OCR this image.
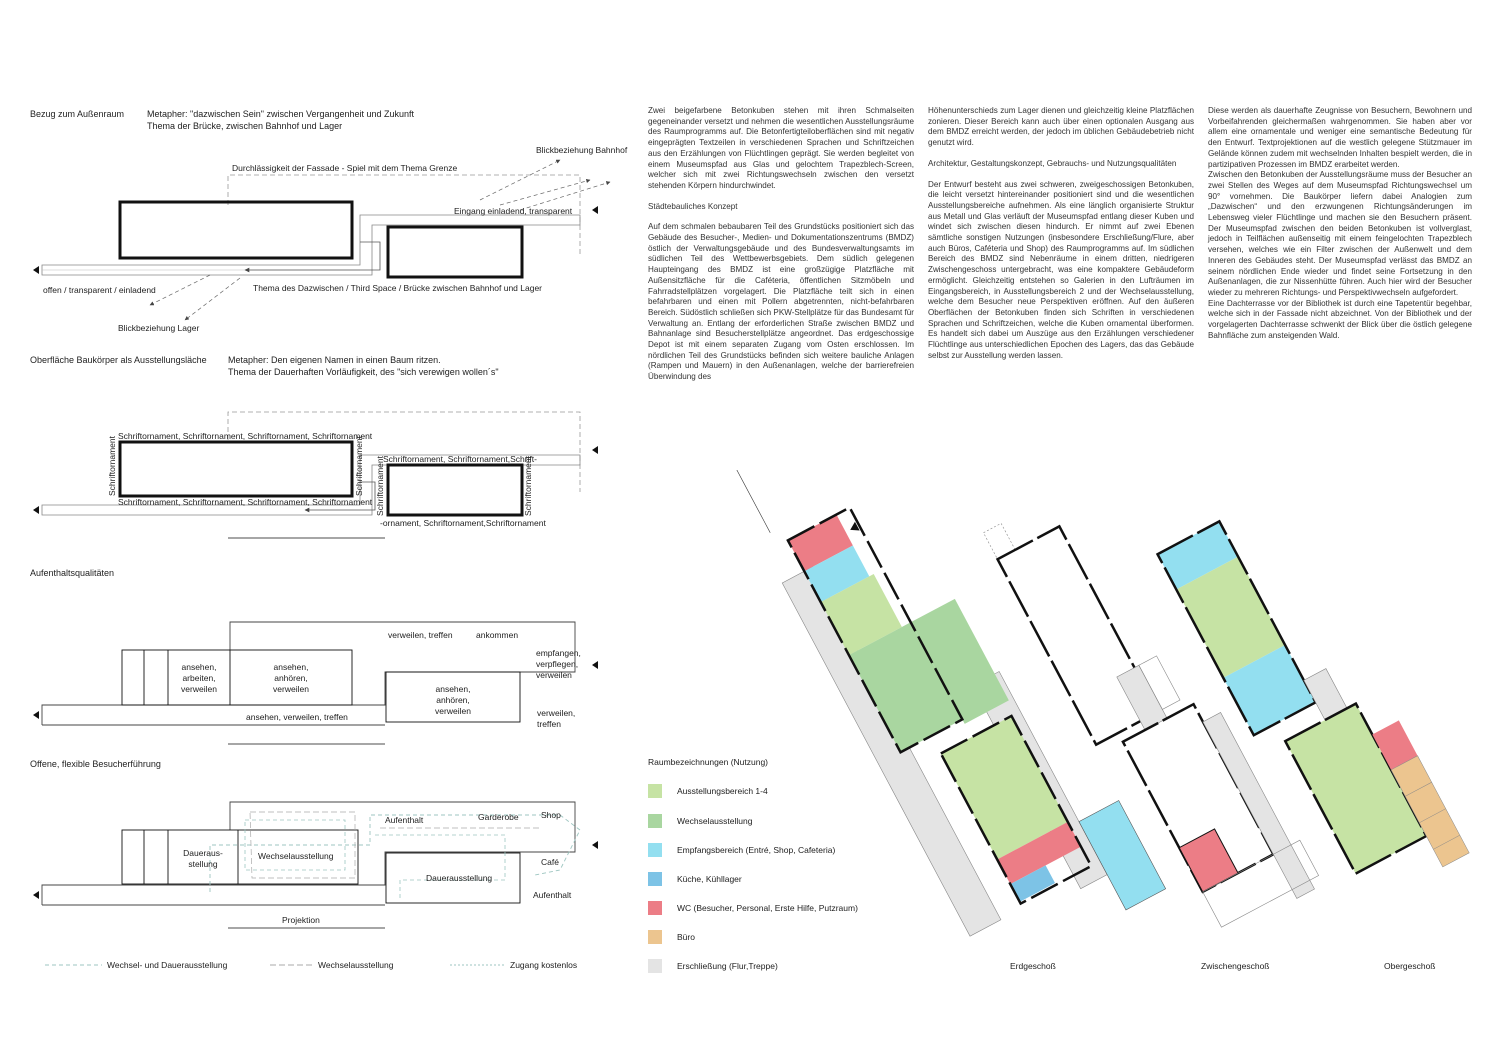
Bezug zum Außenraum	Metapher: "dazwischen Sein" zwischen Vergangenheit und Zukunft
Thema der Brücke, zwischen Bahnhof und Lager
Durchlässigkeit der Fassade - Spiel mit dem Thema Grenze
Blickbeziehung Bahnhof
Eingang einladend, transparent
offen / transparent / einladend	Thema des Dazwischen / Third Space / Brücke zwischen Bahnhof und Lager
Blickbeziehung Lager
Oberfläche Baukörper als Ausstellungsläche Metapher: Den eigenen Namen in einen Baum ritzen.
Thema der Dauerhaften Vorläufigkeit, des "sich verewigen wollen´s"
Schriftornament, Schriftornament, Schriftornament, Schriftornament
Schriftornament, Schriftornament, Schriftornament, Schriftornament
Schriftornament	Schriftornament Schriftornament, Schriftornament,Schrift-
-ornament, Schriftornament,Schriftornament
Schriftornament	Schriftornament
Aufenthaltsqualitäten
ansehen,
arbeiten,
verweilen
ansehen,
anhören,
verweilen	ansehen,
anhören,
verweilen
verweilen, treffen	ankommen
empfangen,
verpflegen,
verweilen
ansehen, verweilen, treffen	verweilen,
treffen
Offene, flexible Besucherführung
Daueraus-
stellung
Wechselausstellung
Aufenthalt	Garderobe	Shop
Café
Dauerausstellung
Aufenthalt
Projektion
Wechsel- und Dauerausstellung	Wechselausstellung	Zugang kostenlos

Zwei beigefarbene Betonkuben stehen mit ihren Schmalseiten gegeneinander versetzt und nehmen die wesentlichen Ausstellungsräume des Raumprogramms auf. Die Betonfertigteiloberflächen sind mit negativ eingeprägten Textzeilen in verschiedenen Sprachen und Schriftzeichen aus den Erzählungen von Flüchtlingen geprägt. Sie werden begleitet von einem Museumspfad aus Glas und gelochtem Trapezblech-Screen, welcher sich mit zwei Richtungswechseln zwischen den versetzt stehenden Körpern hindurchwindet.

Städtebauliches Konzept

Auf dem schmalen bebaubaren Teil des Grundstücks positioniert sich das Gebäude des Besucher-, Medien- und Dokumentationszentrums (BMDZ) östlich der Verwaltungsgebäude und des Bundesverwaltungsamts im südlichen Teil des Wettbewerbsgebiets. Dem südlich gelegenen Haupteingang des BMDZ ist eine großzügige Platzfläche mit Außensitzfläche für die Caféteria, öffentlichen Sitzmöbeln und Fahrradstellplätzen vorgelagert. Die Platzfläche teilt sich in einen befahrbaren und einen mit Pollern abgetrennten, nicht-befahrbaren Bereich. Südöstlich schließen sich PKW-Stellplätze für das Bundesamt für Verwaltung an. Entlang der erforderlichen Straße zwischen BMDZ und Bahnanlage sind Besucherstellplätze angeordnet. Das erdgeschossige Depot ist mit einem separaten Zugang vom Osten erschlossen. Im nördlichen Teil des Grundstücks befinden sich weitere bauliche Anlagen (Rampen und Mauern) in den Außenanlagen, welche der barrierefreien Überwindung des

Höhenunterschieds zum Lager dienen und gleichzeitig kleine Platzflächen zonieren. Dieser Bereich kann auch über einen optionalen Ausgang aus dem BMDZ erreicht werden, der jedoch im üblichen Gebäudebetrieb nicht genutzt wird.

Architektur, Gestaltungskonzept, Gebrauchs- und Nutzungsqualitäten

Der Entwurf besteht aus zwei schweren, zweigeschossigen Betonkuben, die leicht versetzt hintereinander positioniert sind und die wesentlichen Ausstellungsbereiche aufnehmen. Als eine länglich organisierte Struktur aus Metall und Glas verläuft der Museumspfad entlang dieser Kuben und windet sich zwischen diesen hindurch. Er nimmt auf zwei Ebenen sämtliche sonstigen Nutzungen (insbesondere Erschließung/Flure, aber auch Büros, Caféteria und Shop) des Raumprogramms auf. Im südlichen Bereich des BMDZ sind Nebenräume in einem dritten, niedrigeren Zwischengeschoss untergebracht, was eine kompaktere Gebäudeform ermöglicht. Gleichzeitig entstehen so Galerien in den Lufträumen im Eingangsbereich, in Ausstellungsbereich 2 und der Wechselausstellung, welche dem Besucher neue Perspektiven eröffnen. Auf den äußeren Oberflächen der Betonkuben finden sich Schriften in verschiedenen Sprachen und Schriftzeichen, welche die Kuben ornamental überformen. Es handelt sich dabei um Auszüge aus den Erzählungen verschiedener Flüchtlinge aus unterschiedlichen Epochen des Lagers, das das Gebäude selbst zur Ausstellung werden lassen.

Diese werden als dauerhafte Zeugnisse von Besuchern, Bewohnern und Vorbeifahrenden gleichermaßen wahrgenommen. Sie haben aber vor allem eine ornamentale und weniger eine semantische Bedeutung für den Entwurf. Textprojektionen auf die westlich gelegene Stützmauer im Gelände können zudem mit wechselnden Inhalten bespielt werden, die in partizipativen Prozessen im BMDZ erarbeitet werden.
Zwischen den Betonkuben der Ausstellungsräume muss der Besucher an zwei Stellen des Weges auf dem Museumspfad Richtungswechsel um 90° vornehmen. Die Baukörper liefern dabei Analogien zum „Dazwischen“ und den erzwungenen Richtungsänderungen im Lebensweg vieler Flüchtlinge und machen sie den Besuchern präsent. Der Museumspfad zwischen den beiden Betonkuben ist vollverglast, jedoch in Teilflächen außenseitig mit einem feingelochten Trapezblech versehen, welches wie ein Filter zwischen der Außenwelt und dem Inneren des Gebäudes steht. Der Museumspfad verlässt das BMDZ an seinem nördlichen Ende wieder und findet seine Fortsetzung in den Außenanlagen, die zur Nissenhütte führen. Auch hier wird der Besucher wieder zu mehreren Richtungs- und Perspektivwechseln aufgefordert.
Eine Dachterrasse vor der Bibliothek ist durch eine Tapetentür begehbar, welche sich in der Fassade nicht abzeichnet. Von der Bibliothek und der vorgelagerten Dachterrasse schwenkt der Blick über die östlich gelegene Bahnfläche zum ansteigenden Wald.
Raumbezeichnungen (Nutzung)
Ausstellungsbereich 1-4
Wechselausstellung
Empfangsbereich (Entré, Shop, Cafeteria)
Küche, Kühllager
WC (Besucher, Personal, Erste Hilfe, Putzraum)
Büro
Erschließung (Flur,Treppe)	Erdgeschoß	Zwischengeschoß	Obergeschoß
